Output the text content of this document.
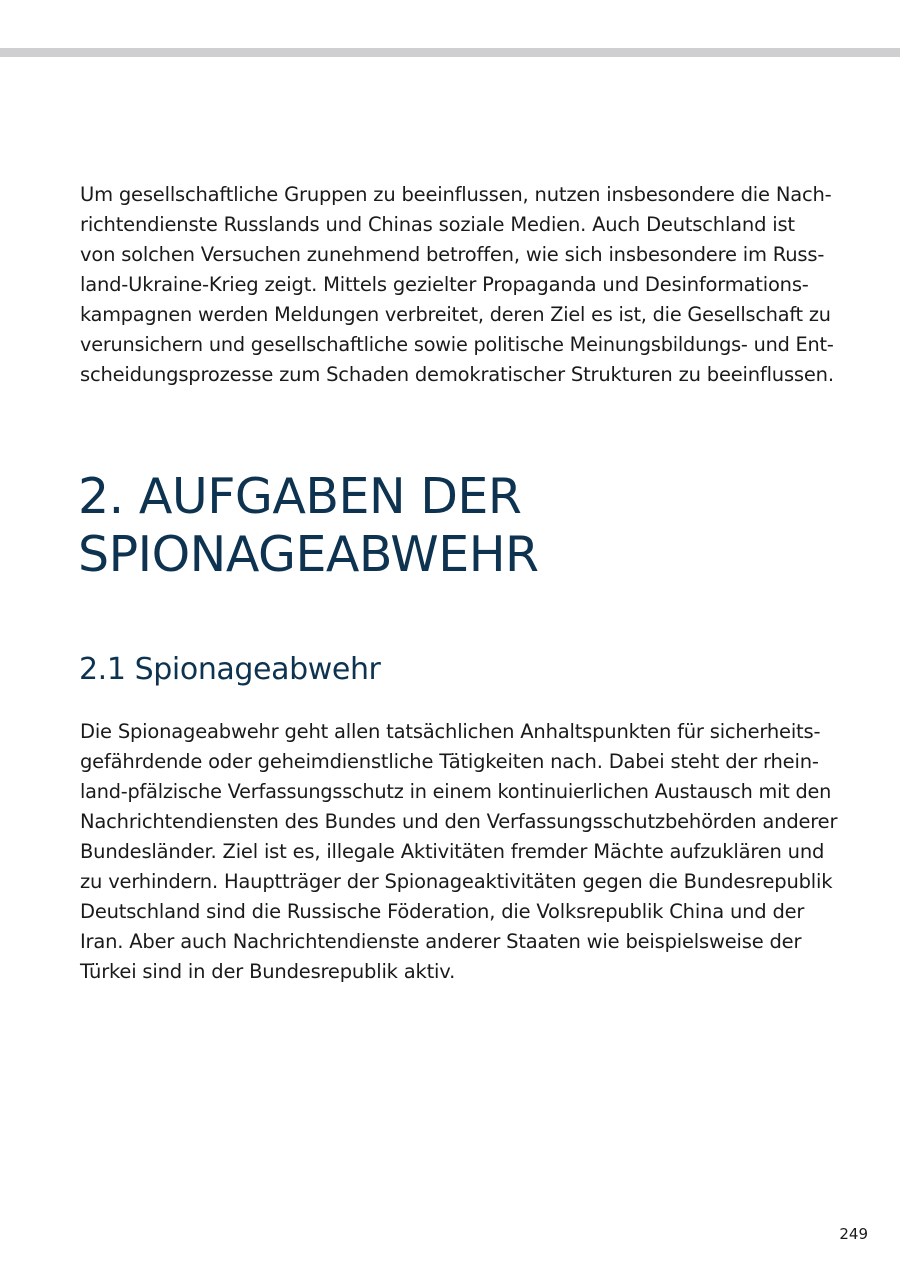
Um gesellschaftliche Gruppen zu beeinflussen, nutzen insbesondere die Nach-
richtendienste Russlands und Chinas soziale Medien. Auch Deutschland ist
von solchen Versuchen zunehmend betroffen, wie sich insbesondere im Russ-
land-Ukraine-Krieg zeigt. Mittels gezielter Propaganda und Desinformations-
kampagnen werden Meldungen verbreitet, deren Ziel es ist, die Gesellschaft zu
verunsichern und gesellschaftliche sowie politische Meinungsbildungs- und Ent-
scheidungsprozesse zum Schaden demokratischer Strukturen zu beeinflussen.

2. AUFGABEN DER
SPIONAGEABWEHR
2.1 Spionageabwehr

Die Spionageabwehr geht allen tatsächlichen Anhaltspunkten für sicherheits-
gefährdende oder geheimdienstliche Tätigkeiten nach. Dabei steht der rhein-
land-pfälzische Verfassungsschutz in einem kontinuierlichen Austausch mit den
Nachrichtendiensten des Bundes und den Verfassungsschutzbehörden anderer
Bundesländer. Ziel ist es, illegale Aktivitäten fremder Mächte aufzuklären und
zu verhindern. Hauptträger der Spionageaktivitäten gegen die Bundesrepublik
Deutschland sind die Russische Föderation, die Volksrepublik China und der
Iran. Aber auch Nachrichtendienste anderer Staaten wie beispielsweise der
Türkei sind in der Bundesrepublik aktiv.

249
